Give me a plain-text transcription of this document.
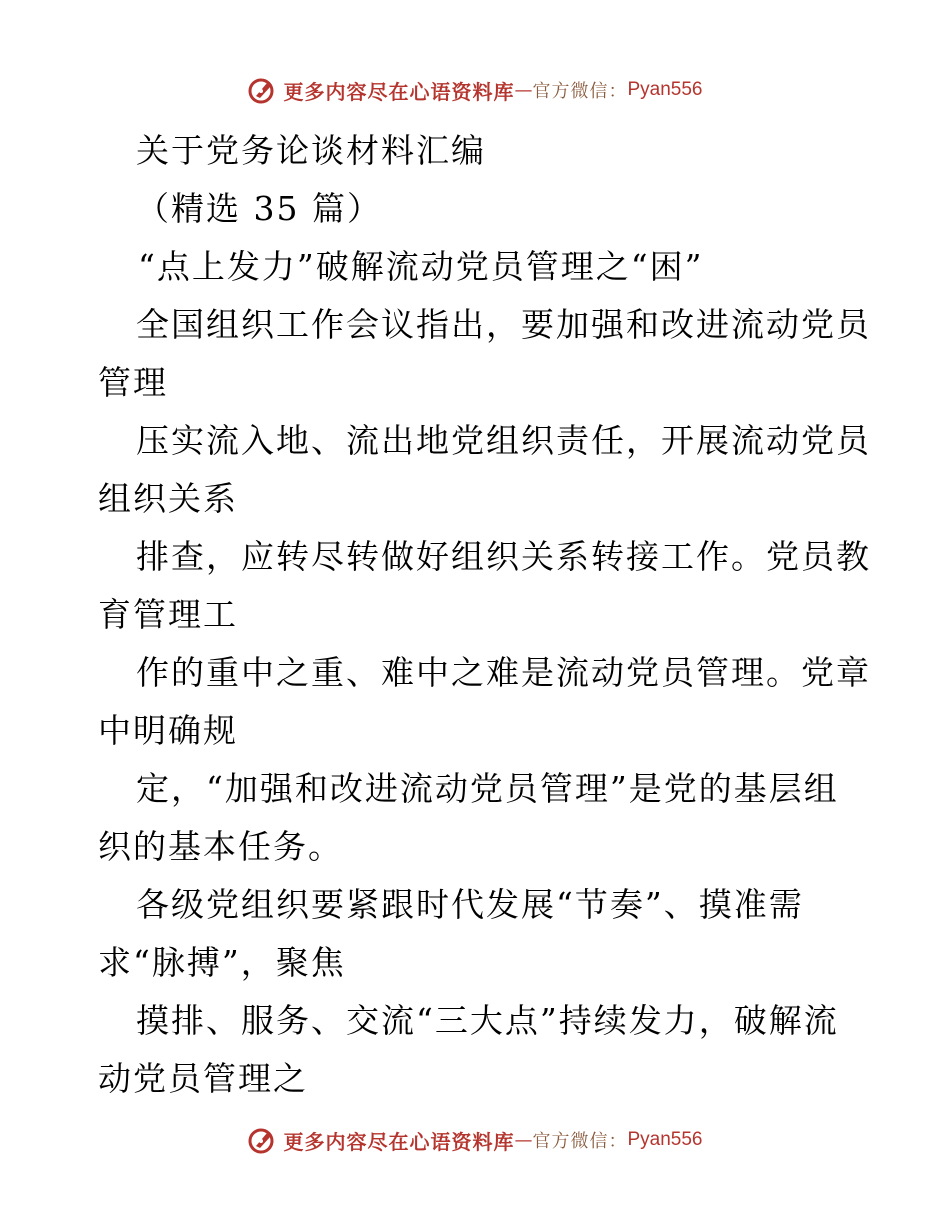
更多内容尽在心语资料库 — 官方微信： Pyan556
关于党务论谈材料汇编
（精选 35 篇）
“点上发力”破解流动党员管理之“困”
全国组织工作会议指出，要加强和改进流动党员
管理
压实流入地、流出地党组织责任，开展流动党员
组织关系
排查，应转尽转做好组织关系转接工作。党员教
育管理工
作的重中之重、难中之难是流动党员管理。党章
中明确规
定，“加强和改进流动党员管理”是党的基层组
织的基本任务。
各级党组织要紧跟时代发展“节奏”、摸准需
求“脉搏”，聚焦
摸排、服务、交流“三大点”持续发力，破解流
动党员管理之
更多内容尽在心语资料库 — 官方微信： Pyan556
